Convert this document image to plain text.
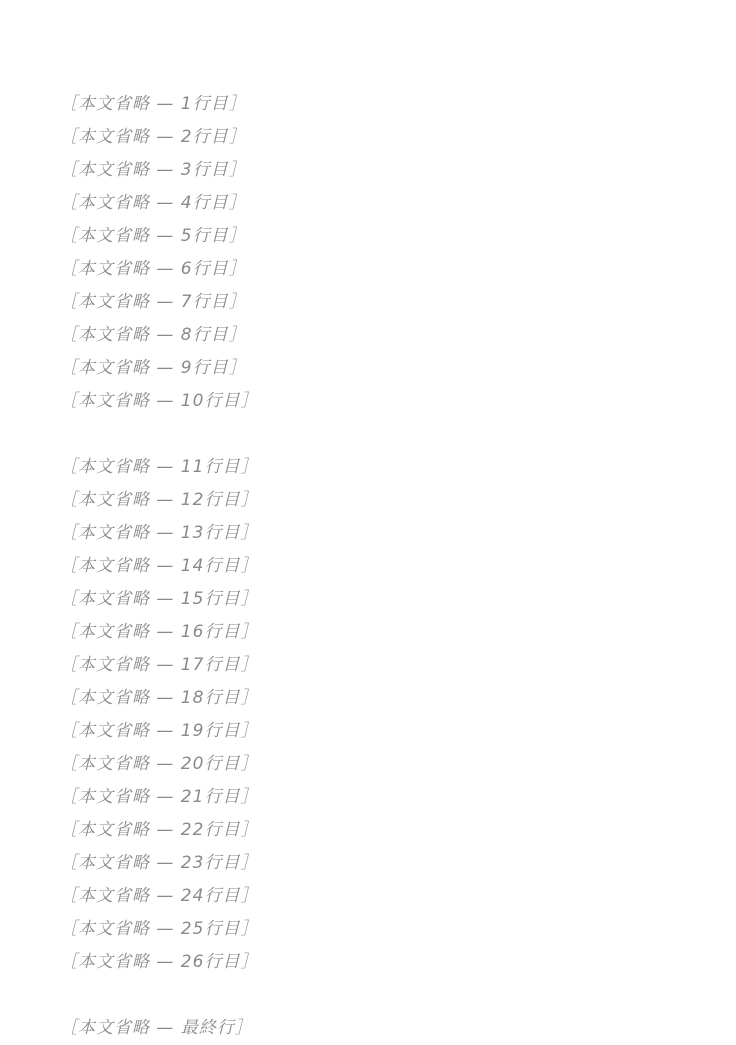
［本文省略 — 1行目］
［本文省略 — 2行目］
［本文省略 — 3行目］
［本文省略 — 4行目］
［本文省略 — 5行目］
［本文省略 — 6行目］
［本文省略 — 7行目］
［本文省略 — 8行目］
［本文省略 — 9行目］
［本文省略 — 10行目］
［本文省略 — 11行目］
［本文省略 — 12行目］
［本文省略 — 13行目］
［本文省略 — 14行目］
［本文省略 — 15行目］
［本文省略 — 16行目］
［本文省略 — 17行目］
［本文省略 — 18行目］
［本文省略 — 19行目］
［本文省略 — 20行目］
［本文省略 — 21行目］
［本文省略 — 22行目］
［本文省略 — 23行目］
［本文省略 — 24行目］
［本文省略 — 25行目］
［本文省略 — 26行目］
［本文省略 — 最終行］
